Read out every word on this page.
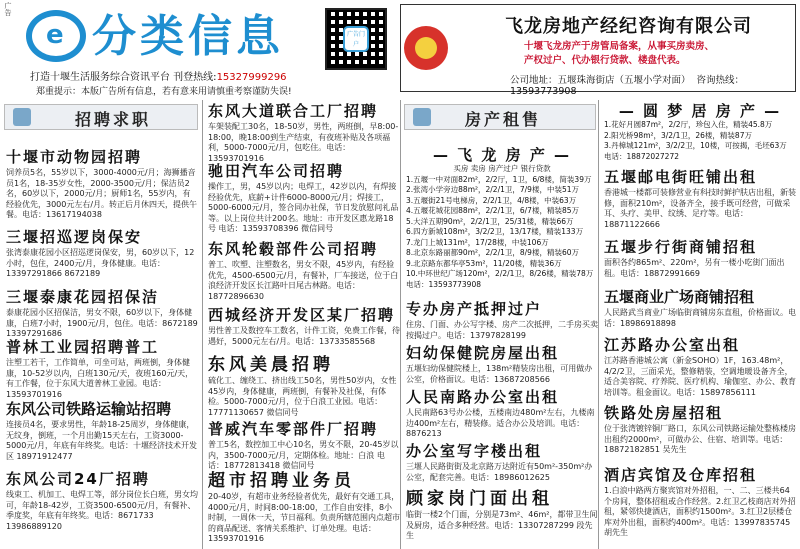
广告
e 分类信息	广告门户
打造十堰生活服务综合资讯平台 刊登热线:15327999296
郑重提示：本版广告所有信息，若有意来用请慎重考察谨防失误!
飞龙房地产经纪咨询有限公司
十堰飞龙房产于房管局备案，从事买房卖房、
产权过户、代办银行贷款、楼盘代表。
公司地址：五堰珠海街店（五堰小学对面） 咨询热线：13593773908
招聘求职
十堰市动物园招聘
饲养员5名，55岁以下，3000-4000元/月；海狮播音员1名，18-35岁女性，2000-3500元/月；保洁员2名，60岁以下，2000元/月；厨师1名，55岁内，有经验优先，3000元左右/月。转正后月休四天，提供午餐。电话：13617194038
三堰招巡逻岗保安
张湾泰康花园小区招巡逻岗保安，男，60岁以下，12小时，包住，2400元/月，身体健康。电话：13397291866 8672189
三堰泰康花园招保洁
泰康花园小区招保洁，男女不限，60岁以下，身体健康，白班7小时，1900元/月，包住。电话：8672189 13397291686
普林工业园招聘普工
注塑工若干，工作简单，可坐可站，两班倒，身体健康，10-52岁以内，白班130元/天，夜班160元/天，有工作餐，位于东风大道普林工业园。电话：13593701916
东风公司铁路运输站招聘
连接员4名，要求男性，年龄18-25周岁，身体健康，无纹身，倒班，一个月出勤15天左右，工资3000-5000元/月，年底有年终奖。电话：十堰经济技术开发区 18971912477
东风公司24厂招聘
线束工、机加工、电焊工等，部分岗位长白班，男女均可，年龄18-42岁，工资3500-6500元/月，有餐补、季度奖，年底有年终奖。电话：8671733 13986889120
东风大道联合工厂招聘
车架装配工30名，18-50岁，男性，两班倒，早8:00-18:00，晚18:00到生产结束，有夜班补贴及各项福利，5000-7000元/月，包吃住。电话：13593701916
驰田汽车公司招聘
操作工，男，45岁以内；电焊工，42岁以内，有焊接经验优先，底薪+计件6000-8000元/月；焊接工，5000-6000元/月，签合同办社保，节日发放慰问礼品等。以上岗位共计200名。地址：市开发区惠龙路18号 电话：13593708396 微信同号
东风轮毂部件公司招聘
普工、吹塑、注塑数名，男女不限，45岁内，有经验优先，4500-6500元/月，有餐补，厂车接送，位于白浪经济开发区长江路叶日尾古林路。电话：18772896630
西城经济开发区某厂招聘
男性普工及数控车工数名，计件工资，免费工作餐，待遇好，5000元左右/月。电话：13733585568
东风美晨招聘
硫化工、缠绕工、挤出线工50名，男性50岁内，女性45岁内，身体健康，两班倒，有餐补及社保，有体检。5000-7000元/月，位于白浪工业园。电话：17771130657 微信同号
普威汽车零部件厂招聘
普工5名，数控加工中心10名，男女不限，20-45岁以内，3500-7000元/月，定期体检。地址：白浪 电话：18772813418 微信同号
超市招聘业务员
20-40岁，有超市业务经验者优先，最好有交通工具，4000元/月，时间8:00-18:00，工作自由安排，8小时制，一周休一天，节日福利。负责所辖范围内点超市的商品配送、客情关系维护、订单处理。电话：13593701916
房产租售
— 飞 龙 房 产 —
买房 卖房 房产过户 银行贷款
1.五堰一中对面82m²，2/2厅，1卫，6/8楼，简装39万
2.张湾小学旁边88m²，2/2/1卫，7/9楼，中装51万
3.五堰街21号电梯房，2/2/1卫，4/8楼，中装63万
4.五堰花城花园88m²，2/2/1卫，6/7楼，精装85万
5.大洋五期90m²，2/2/1卫，25/31楼，精装66万
6.四方新城108m²，3/2/2卫，13/17楼，精装133万
7.龙门上城131m²，17/28楼，中装106万
8.北京东路丽都90m²，2/2/1卫，8/9楼，精装60万
9.北京路东都华亭53m²，11/20楼，精装36万
10.中环世纪广场120m²，2/2/1卫，8/26楼，精装78万
电话：13593773908
专办房产抵押过户
住房、门面、办公写字楼、房产二次抵押，二手房买卖按揭过户。电话：13797828199
妇幼保健院房屋出租
五堰妇幼保健院楼上，138m²精装房出租，可用做办公室，价格面议。电话：13687208566
人民南路办公室出租
人民南路63号办公楼，五楼南边480m²左右，九楼南边400m²左右，精装修。适合办公及培训。电话：8876213
办公室写字楼出租
三堰人民路街街及北京路万达附近有50m²-350m²办公室，配套完善。电话：18986012625
顾家岗门面出租
临街一楼2个门面，分别是73m²、46m²，都带卫生间及厨房，适合多种经营。电话：13307287299 段先生
— 圆 梦 居 房 产 —
1.花好月圆87m²，2/2厅，珍包入住，精装45.8万
2.阳光桥98m²，3/2/1卫，26楼，精装87万
3.丹樟城121m²，3/2/2卫，10楼，可按揭，毛坯63万
电话：18872027272
五堰邮电街旺铺出租
香港城一楼都可装修营业有科技时鲜护肤店出租，新装修，面积210m²，设备齐全，接手既可经营，可做采耳、头疗、美甲、纹绣、足疗等。电话：18871122666
五堰步行街商铺招租
面积各约865m²、220m²，另有一楼小吃街门面出租。电话：18872991669
五堰商业广场商铺招租
人民路武当商业广场临街商铺房东直租，价格面议。电话：18986918898
江苏路办公室出租
江苏路香港城公寓（新金SOHO）1F，163.48m²，4/2/2卫，三面采光，整修精装，空调地暖设备齐全，适合美容院、疗养院、医疗机构、瑜伽室、办公、教育培训等。租金面议。电话：15897856111
铁路处房屋招租
位于张湾镀锌铜厂路口，东风公司铁路运输处整栋楼房出租约2000m²，可做办公、住宿、培训等。电话：18872182851 吴先生
酒店宾馆及仓库招租
1.白浪中路两方聚宾馆对外招租，一、二、三楼共64个房间，整体招租或合作经营。2.红卫乙枝商店对外招租，紧邻快捷酒店，面积约1500m²。3.红卫2层楼仓库对外出租，面积约400m²。电话：13997835745 胡先生
